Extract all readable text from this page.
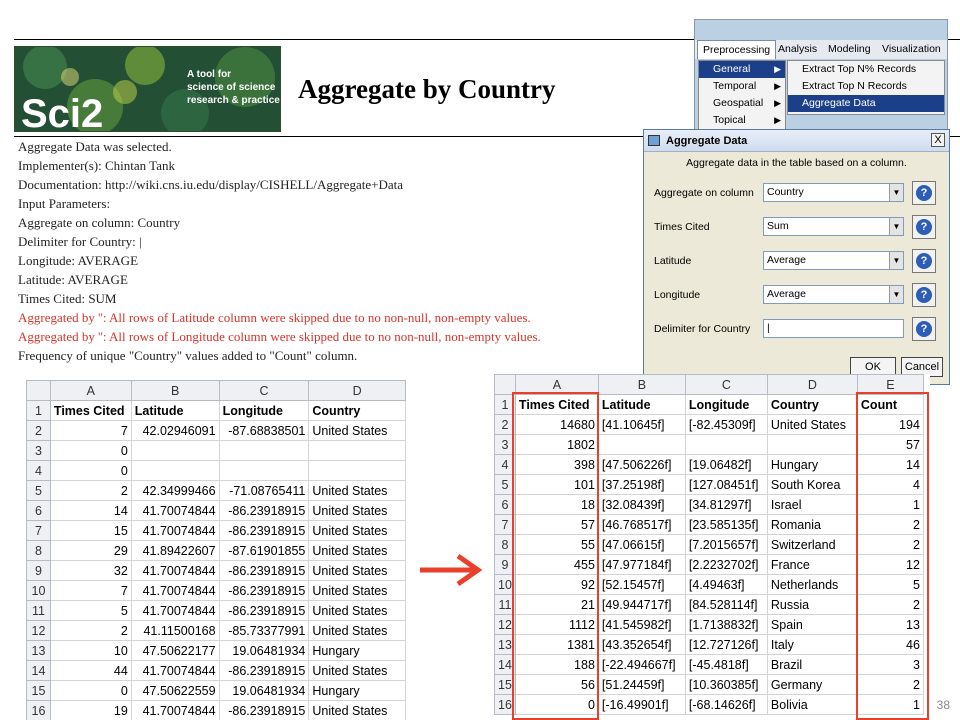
Sci2
A tool for
science of science
research & practice Aggregate by Country
Aggregate Data was selected.
Implementer(s): Chintan Tank
Documentation: http://wiki.cns.iu.edu/display/CISHELL/Aggregate+Data
Input Parameters:
Aggregate on column: Country
Delimiter for Country: |
Longitude: AVERAGE
Latitude: AVERAGE
Times Cited: SUM
Aggregated by '': All rows of Latitude column were skipped due to no non-null, non-empty values.
Aggregated by '': All rows of Longitude column were skipped due to no non-null, non-empty values.
Frequency of unique "Country" values added to "Count" column.
Preprocessing Analysis	Modeling	Visualization
General	▶
Temporal ▶
Geospatial ▶
Topical	▶
Extract Top N% Records
Extract Top N Records
Aggregate Data
Aggregate Data	X
Aggregate data in the table based on a column.
Aggregate on column	Country	▼	?
Times Cited	Sum	▼	?
Latitude	Average	▼	?
Longitude	Average	▼	?
Delimiter for Country	|	?
OK	Cancel
	A	B	C	D
1	Times Cited	Latitude	Longitude	Country
2	7	42.02946091	-87.68838501	United States
3	0			
4	0			
5	2	42.34999466	-71.08765411	United States
6	14	41.70074844	-86.23918915	United States
7	15	41.70074844	-86.23918915	United States
8	29	41.89422607	-87.61901855	United States
9	32	41.70074844	-86.23918915	United States
10	7	41.70074844	-86.23918915	United States
11	5	41.70074844	-86.23918915	United States
12	2	41.11500168	-85.73377991	United States
13	10	47.50622177	19.06481934	Hungary
14	44	41.70074844	-86.23918915	United States
15	0	47.50622559	19.06481934	Hungary
16	19	41.70074844	-86.23918915	United States
	A	B	C	D	E
1	Times Cited	Latitude	Longitude	Country	Count
2	14680	[41.10645f]	[-82.45309f]	United States	194
3	1802				57
4	398	[47.506226f]	[19.06482f]	Hungary	14
5	101	[37.25198f]	[127.08451f]	South Korea	4
6	18	[32.08439f]	[34.81297f]	Israel	1
7	57	[46.768517f]	[23.585135f]	Romania	2
8	55	[47.06615f]	[7.2015657f]	Switzerland	2
9	455	[47.977184f]	[2.2232702f]	France	12
10	92	[52.15457f]	[4.49463f]	Netherlands	5
11	21	[49.944717f]	[84.528114f]	Russia	2
12	1112	[41.545982f]	[1.7138832f]	Spain	13
13	1381	[43.352654f]	[12.727126f]	Italy	46
14	188	[-22.494667f]	[-45.4818f]	Brazil	3
15	56	[51.24459f]	[10.360385f]	Germany	2
16	0	[-16.49901f]	[-68.14626f]	Bolivia	1 38
